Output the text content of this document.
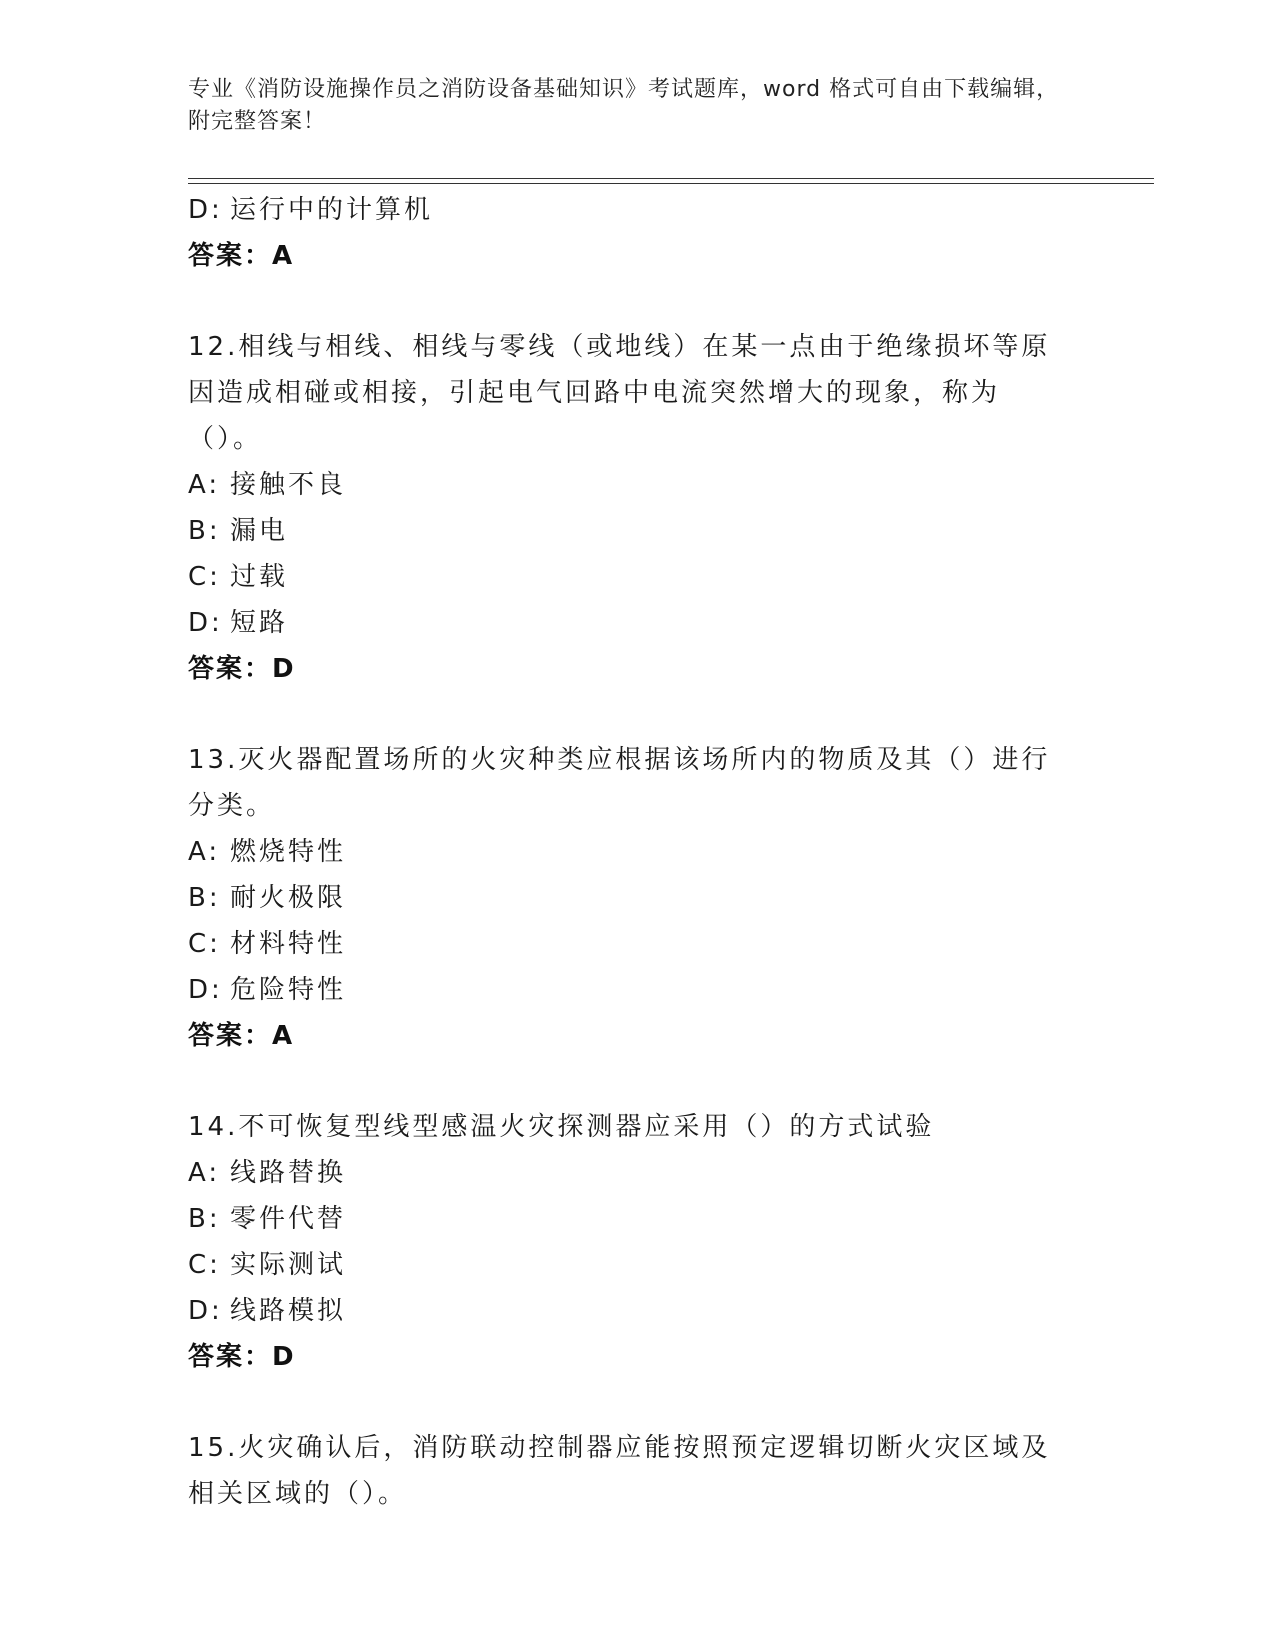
专业《消防设施操作员之消防设备基础知识》考试题库，word 格式可自由下载编辑，附完整答案！
D: 运行中的计算机
答案：A
12.相线与相线、相线与零线（或地线）在某一点由于绝缘损坏等原因造成相碰或相接，引起电气回路中电流突然增大的现象，称为（）。
A: 接触不良
B: 漏电
C: 过载
D: 短路
答案：D
13.灭火器配置场所的火灾种类应根据该场所内的物质及其（）进行分类。
A: 燃烧特性
B: 耐火极限
C: 材料特性
D: 危险特性
答案：A
14.不可恢复型线型感温火灾探测器应采用（）的方式试验
A: 线路替换
B: 零件代替
C: 实际测试
D: 线路模拟
答案：D
15.火灾确认后，消防联动控制器应能按照预定逻辑切断火灾区域及相关区域的（）。
